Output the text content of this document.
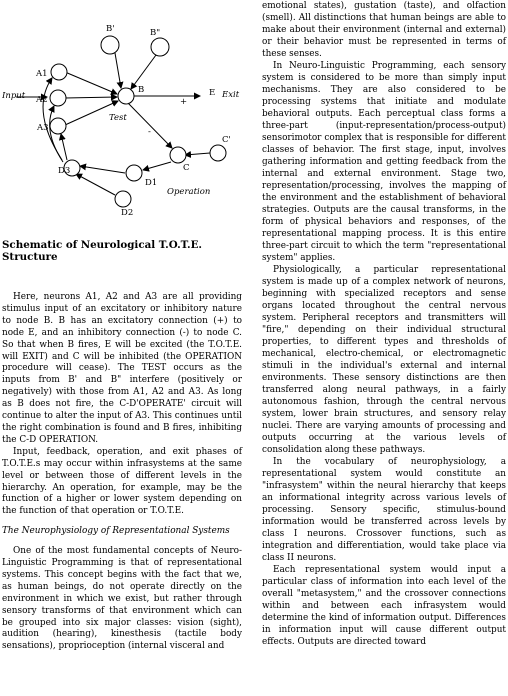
B'	B"
A1
A2
A3
Input
B
Test
+
-
E Exit
C
C'
D1
D2
D3
Operation
Schematic of Neurological T.O.T.E. Structure

Here, neurons A1, A2 and A3 are all providing stimulus input of an excitatory or inhibitory nature to node B. B has an excitatory connection (+) to node E, and an inhibitory connection (-) to node C. So that when B fires, E will be excited (the T.O.T.E. will EXIT) and C will be inhibited (the OPERATION procedure will cease). The TEST occurs as the inputs from B' and B" interfere (positively or negatively) with those from A1, A2 and A3. As long as B does not fire, the C-D'OPERATE' circuit will continue to alter the input of A3. This continues until the right combination is found and B fires, inhibiting the C-D OPERATION.

Input, feedback, operation, and exit phases of T.O.T.E.s may occur within infrasystems at the same level or between those of different levels in the hierarchy. An operation, for example, may be the function of a higher or lower system depending on the function of that operation or T.O.T.E.

The Neurophysiology of Representational Systems

One of the most fundamental concepts of Neuro-Linguistic Programming is that of representational systems. This concept begins with the fact that we, as human beings, do not operate directly on the environment in which we exist, but rather through sensory transforms of that environment which can be grouped into six major classes: vision (sight), audition (hearing), kinesthesis (tactile body sensations), proprioception (internal visceral and

emotional states), gustation (taste), and olfaction (smell). All distinctions that human beings are able to make about their environment (internal and external) or their behavior must be represented in terms of these senses.

In Neuro-Linguistic Programming, each sensory system is considered to be more than simply input mechanisms. They are also considered to be processing systems that initiate and modulate behavioral outputs. Each perceptual class forms a three-part (input-representation/process-output) sensorimotor complex that is responsible for different classes of behavior. The first stage, input, involves gathering information and getting feedback from the internal and external environment. Stage two, representation/processing, involves the mapping of the environment and the establishment of behavioral strategies. Outputs are the causal transforms, in the form of physical behaviors and responses, of the representational mapping process. It is this entire three-part circuit to which the term "representational system" applies.

Physiologically, a particular representational system is made up of a complex network of neurons, beginning with specialized receptors and sense organs located throughout the central nervous system. Peripheral receptors and transmitters will "fire," depending on their individual structural properties, to different types and thresholds of mechanical, electro-chemical, or electromagnetic stimuli in the individual's external and internal environments. These sensory distinctions are then transferred along neural pathways, in a fairly autonomous fashion, through the central nervous system, lower brain structures, and sensory relay nuclei. There are varying amounts of processing and outputs occurring at the various levels of consolidation along these pathways.

In the vocabulary of neurophysiology, a representational system would constitute an "infrasystem" within the neural hierarchy that keeps an informational integrity across various levels of processing. Sensory specific, stimulus-bound information would be transferred across levels by class I neurons. Crossover functions, such as integration and differentiation, would take place via class II neurons.

Each representational system would input a particular class of information into each level of the overall "metasystem," and the crossover connections within and between each infrasystem would determine the kind of information output. Differences in information input will cause different output effects. Outputs are directed toward
